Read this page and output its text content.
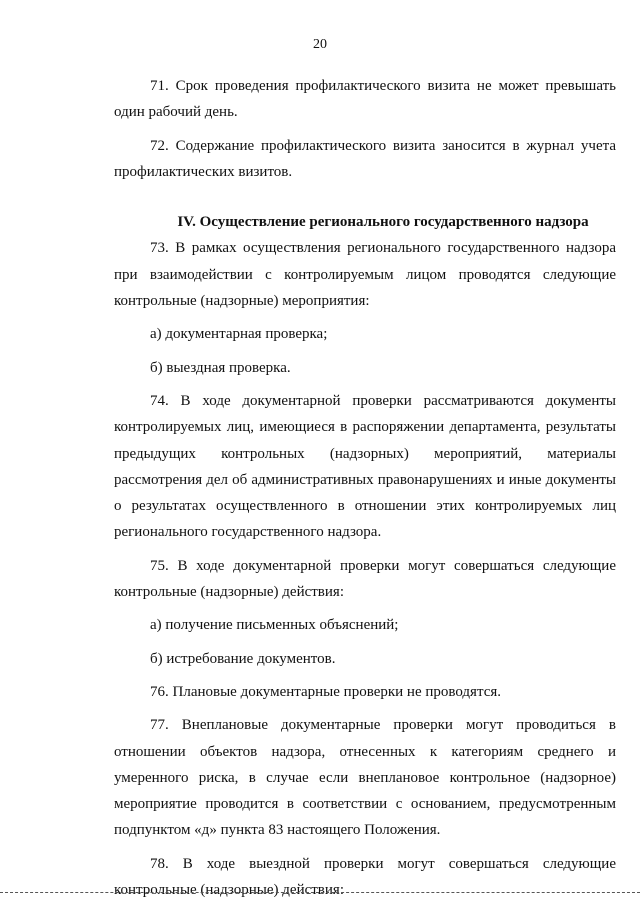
20

71. Срок проведения профилактического визита не может превышать один рабочий день.

72. Содержание профилактического визита заносится в журнал учета профилактических визитов.

IV. Осуществление регионального государственного надзора

73. В рамках осуществления регионального государственного надзора при взаимодействии с контролируемым лицом проводятся следующие контрольные (надзорные) мероприятия:

а) документарная проверка;

б) выездная проверка.

74. В ходе документарной проверки рассматриваются документы контролируемых лиц, имеющиеся в распоряжении департамента, результаты предыдущих контрольных (надзорных) мероприятий, материалы рассмотрения дел об административных правонарушениях и иные документы о результатах осуществленного в отношении этих контролируемых лиц регионального государственного надзора.

75. В ходе документарной проверки могут совершаться следующие контрольные (надзорные) действия:

а) получение письменных объяснений;

б) истребование документов.

76. Плановые документарные проверки не проводятся.

77. Внеплановые документарные проверки могут проводиться в отношении объектов надзора, отнесенных к категориям среднего и умеренного риска, в случае если внеплановое контрольное (надзорное) мероприятие проводится в соответствии с основанием, предусмотренным подпунктом «д» пункта 83 настоящего Положения.

78. В ходе выездной проверки могут совершаться следующие контрольные (надзорные) действия:
